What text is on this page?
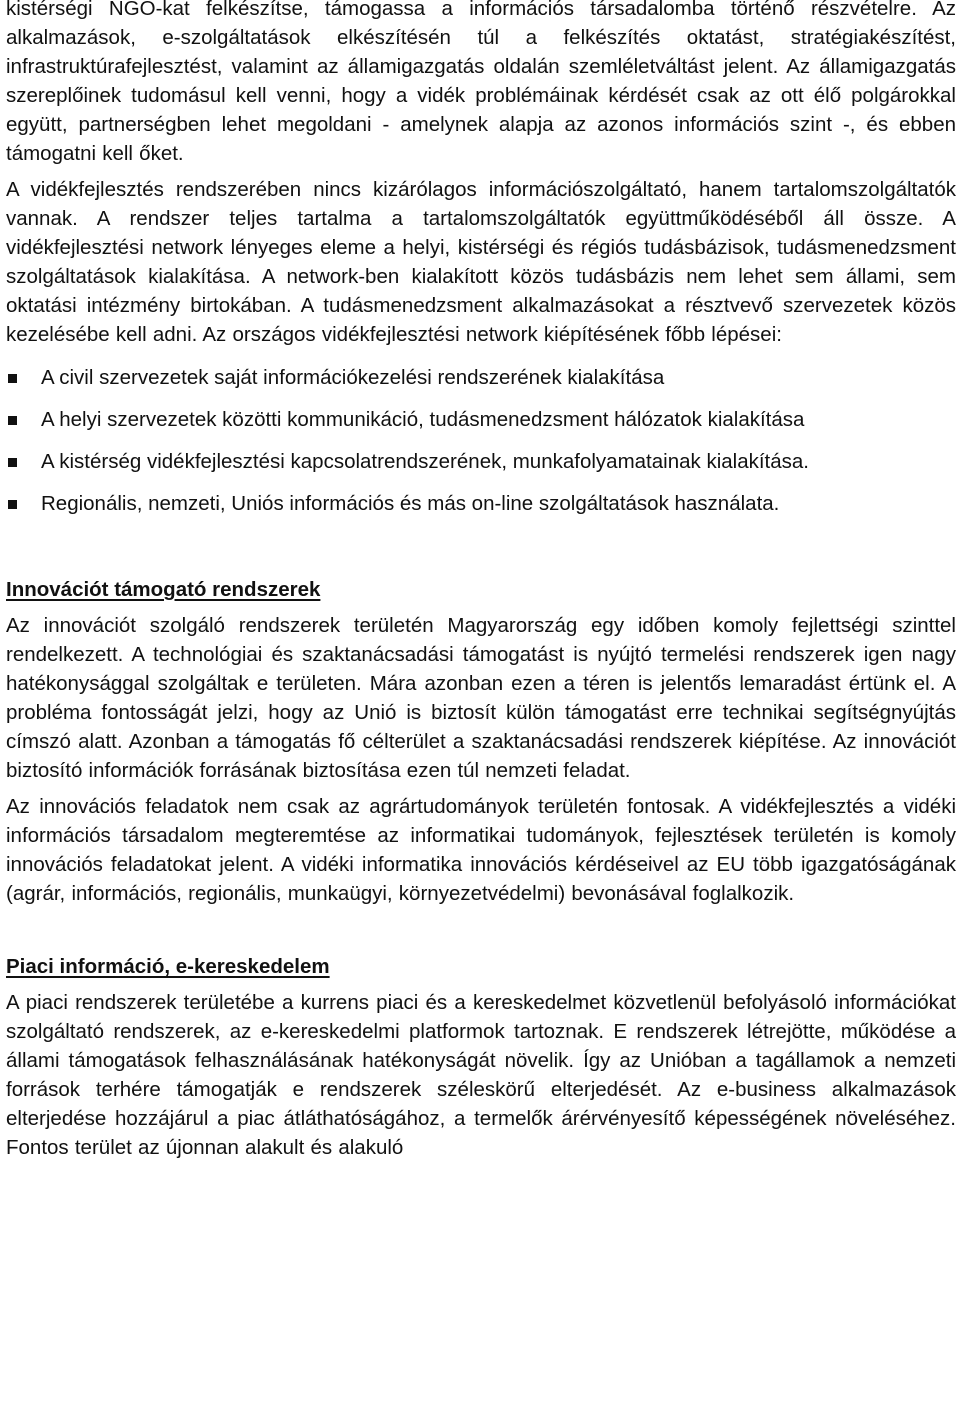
kistérségi NGO-kat felkészítse, támogassa a információs társadalomba történő részvételre. Az alkalmazások, e-szolgáltatások elkészítésén túl a felkészítés oktatást, stratégiakészítést, infrastruktúrafejlesztést, valamint az államigazgatás oldalán szemléletváltást jelent. Az államigazgatás szereplőinek tudomásul kell venni, hogy a vidék problémáinak kérdését csak az ott élő polgárokkal együtt, partnerségben lehet megoldani - amelynek alapja az azonos információs szint -, és ebben támogatni kell őket.

A vidékfejlesztés rendszerében nincs kizárólagos információszolgáltató, hanem tartalomszolgáltatók vannak. A rendszer teljes tartalma a tartalomszolgáltatók együttműködéséből áll össze. A vidékfejlesztési network lényeges eleme a helyi, kistérségi és régiós tudásbázisok, tudásmenedzsment szolgáltatások kialakítása. A network-ben kialakított közös tudásbázis nem lehet sem állami, sem oktatási intézmény birtokában. A tudásmenedzsment alkalmazásokat a résztvevő szervezetek közös kezelésébe kell adni. Az országos vidékfejlesztési network kiépítésének főbb lépései:

A civil szervezetek saját információkezelési rendszerének kialakítása
A helyi szervezetek közötti kommunikáció, tudásmenedzsment hálózatok kialakítása
A kistérség vidékfejlesztési kapcsolatrendszerének, munkafolyamatainak kialakítása.
Regionális, nemzeti, Uniós információs és más on-line szolgáltatások használata.
Innovációt támogató rendszerek

Az innovációt szolgáló rendszerek területén Magyarország egy időben komoly fejlettségi szinttel rendelkezett. A technológiai és szaktanácsadási támogatást is nyújtó termelési rendszerek igen nagy hatékonysággal szolgáltak e területen. Mára azonban ezen a téren is jelentős lemaradást értünk el. A probléma fontosságát jelzi, hogy az Unió is biztosít külön támogatást erre technikai segítségnyújtás címszó alatt. Azonban a támogatás fő célterület a szaktanácsadási rendszerek kiépítése. Az innovációt biztosító információk forrásának biztosítása ezen túl nemzeti feladat.

Az innovációs feladatok nem csak az agrártudományok területén fontosak. A vidékfejlesztés a vidéki információs társadalom megteremtése az informatikai tudományok, fejlesztések területén is komoly innovációs feladatokat jelent. A vidéki informatika innovációs kérdéseivel az EU több igazgatóságának (agrár, információs, regionális, munkaügyi, környezetvédelmi) bevonásával foglalkozik.

Piaci információ, e-kereskedelem

A piaci rendszerek területébe a kurrens piaci és a kereskedelmet közvetlenül befolyásoló információkat szolgáltató rendszerek, az e-kereskedelmi platformok tartoznak. E rendszerek létrejötte, működése a állami támogatások felhasználásának hatékonyságát növelik. Így az Unióban a tagállamok a nemzeti források terhére támogatják e rendszerek széleskörű elterjedését. Az e-business alkalmazások elterjedése hozzájárul a piac átláthatóságához, a termelők árérvényesítő képességének növeléséhez. Fontos terület az újonnan alakult és alakuló
